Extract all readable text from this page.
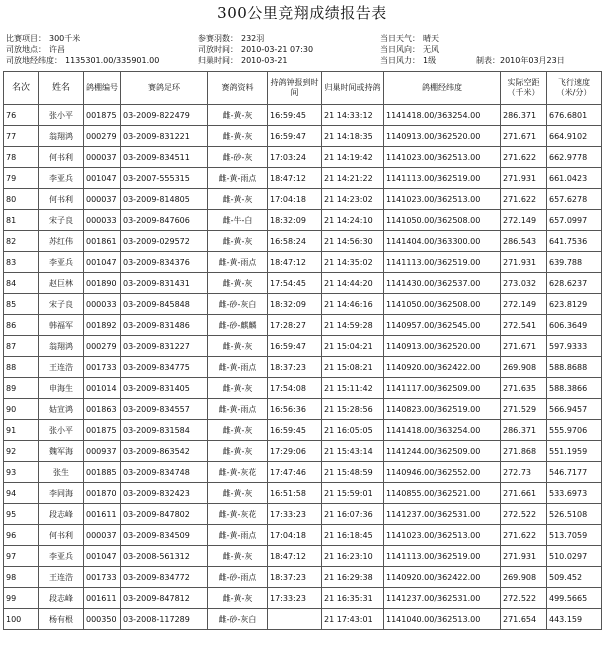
300公里竞翔成绩报告表
比赛项目： 300千米
司放地点： 许昌
司放地经纬度： 1135301.00/335901.00
参赛羽数： 232羽
司放时间： 2010-03-21 07:30
归巢时间： 2010-03-21
当日天气： 晴天
当日风向： 无风
当日风力： 1级	制表：2010年03月23日
名次	姓名	鸽棚编号	赛鸽足环	赛鸽资料	持鸽钟报到时间	归巢时间或持鸽	鸽棚经纬度	实际空距（千米）	飞行速度（米/分）
76	张小平	001875	03-2009-822479	雌-黄-灰	16:59:45	21 14:33:12	1141418.00/363254.00	286.371	676.6801
77	翁翔鸿	000279	03-2009-831221	雌-黄-灰	16:59:47	21 14:18:35	1140913.00/362520.00	271.671	664.9102
78	何书利	000037	03-2009-834511	雌-砂-灰	17:03:24	21 14:19:42	1141023.00/362513.00	271.622	662.9778
79	李亚兵	001047	03-2007-555315	雌-黄-雨点	18:47:12	21 14:21:22	1141113.00/362519.00	271.931	661.0423
80	何书利	000037	03-2009-814805	雌-黄-灰	17:04:18	21 14:23:02	1141023.00/362513.00	271.622	657.6278
81	宋子良	000033	03-2009-847606	雌-牛-白	18:32:09	21 14:24:10	1141050.00/362508.00	272.149	657.0997
82	苏红伟	001861	03-2009-029572	雌-黄-灰	16:58:24	21 14:56:30	1141404.00/363300.00	286.543	641.7536
83	李亚兵	001047	03-2009-834376	雌-黄-雨点	18:47:12	21 14:35:02	1141113.00/362519.00	271.931	639.788
84	赵巨林	001890	03-2009-831431	雌-黄-灰	17:54:45	21 14:44:20	1141430.00/362537.00	273.032	628.6237
85	宋子良	000033	03-2009-845848	雌-砂-灰白	18:32:09	21 14:46:16	1141050.00/362508.00	272.149	623.8129
86	韩福军	001892	03-2009-831486	雌-砂-麒麟	17:28:27	21 14:59:28	1140957.00/362545.00	272.541	606.3649
87	翁翔鸿	000279	03-2009-831227	雌-黄-灰	16:59:47	21 15:04:21	1140913.00/362520.00	271.671	597.9333
88	王连浩	001733	03-2009-834775	雌-黄-雨点	18:37:23	21 15:08:21	1140920.00/362422.00	269.908	588.8688
89	申海生	001014	03-2009-831405	雌-黄-灰	17:54:08	21 15:11:42	1141117.00/362509.00	271.635	588.3866
90	姑宣鸿	001863	03-2009-834557	雌-黄-雨点	16:56:36	21 15:28:56	1140823.00/362519.00	271.529	566.9457
91	张小平	001875	03-2009-831584	雌-黄-灰	16:59:45	21 16:05:05	1141418.00/363254.00	286.371	555.9706
92	魏军海	000937	03-2009-863542	雌-黄-灰	17:29:06	21 15:43:14	1141244.00/362509.00	271.868	551.1959
93	张生	001885	03-2009-834748	雌-黄-灰花	17:47:46	21 15:48:59	1140946.00/362552.00	272.73	546.7177
94	李同海	001870	03-2009-832423	雌-黄-灰	16:51:58	21 15:59:01	1140855.00/362521.00	271.661	533.6973
95	段志峰	001611	03-2009-847802	雌-黄-灰花	17:33:23	21 16:07:36	1141237.00/362531.00	272.522	526.5108
96	何书利	000037	03-2009-834509	雌-黄-雨点	17:04:18	21 16:18:45	1141023.00/362513.00	271.622	513.7059
97	李亚兵	001047	03-2008-561312	雌-黄-灰	18:47:12	21 16:23:10	1141113.00/362519.00	271.931	510.0297
98	王连浩	001733	03-2009-834772	雌-砂-雨点	18:37:23	21 16:29:38	1140920.00/362422.00	269.908	509.452
99	段志峰	001611	03-2009-847812	雌-黄-灰	17:33:23	21 16:35:31	1141237.00/362531.00	272.522	499.5665
100	杨有根	000350	03-2008-117289	雌-砂-灰白		21 17:43:01	1141040.00/362513.00	271.654	443.159
